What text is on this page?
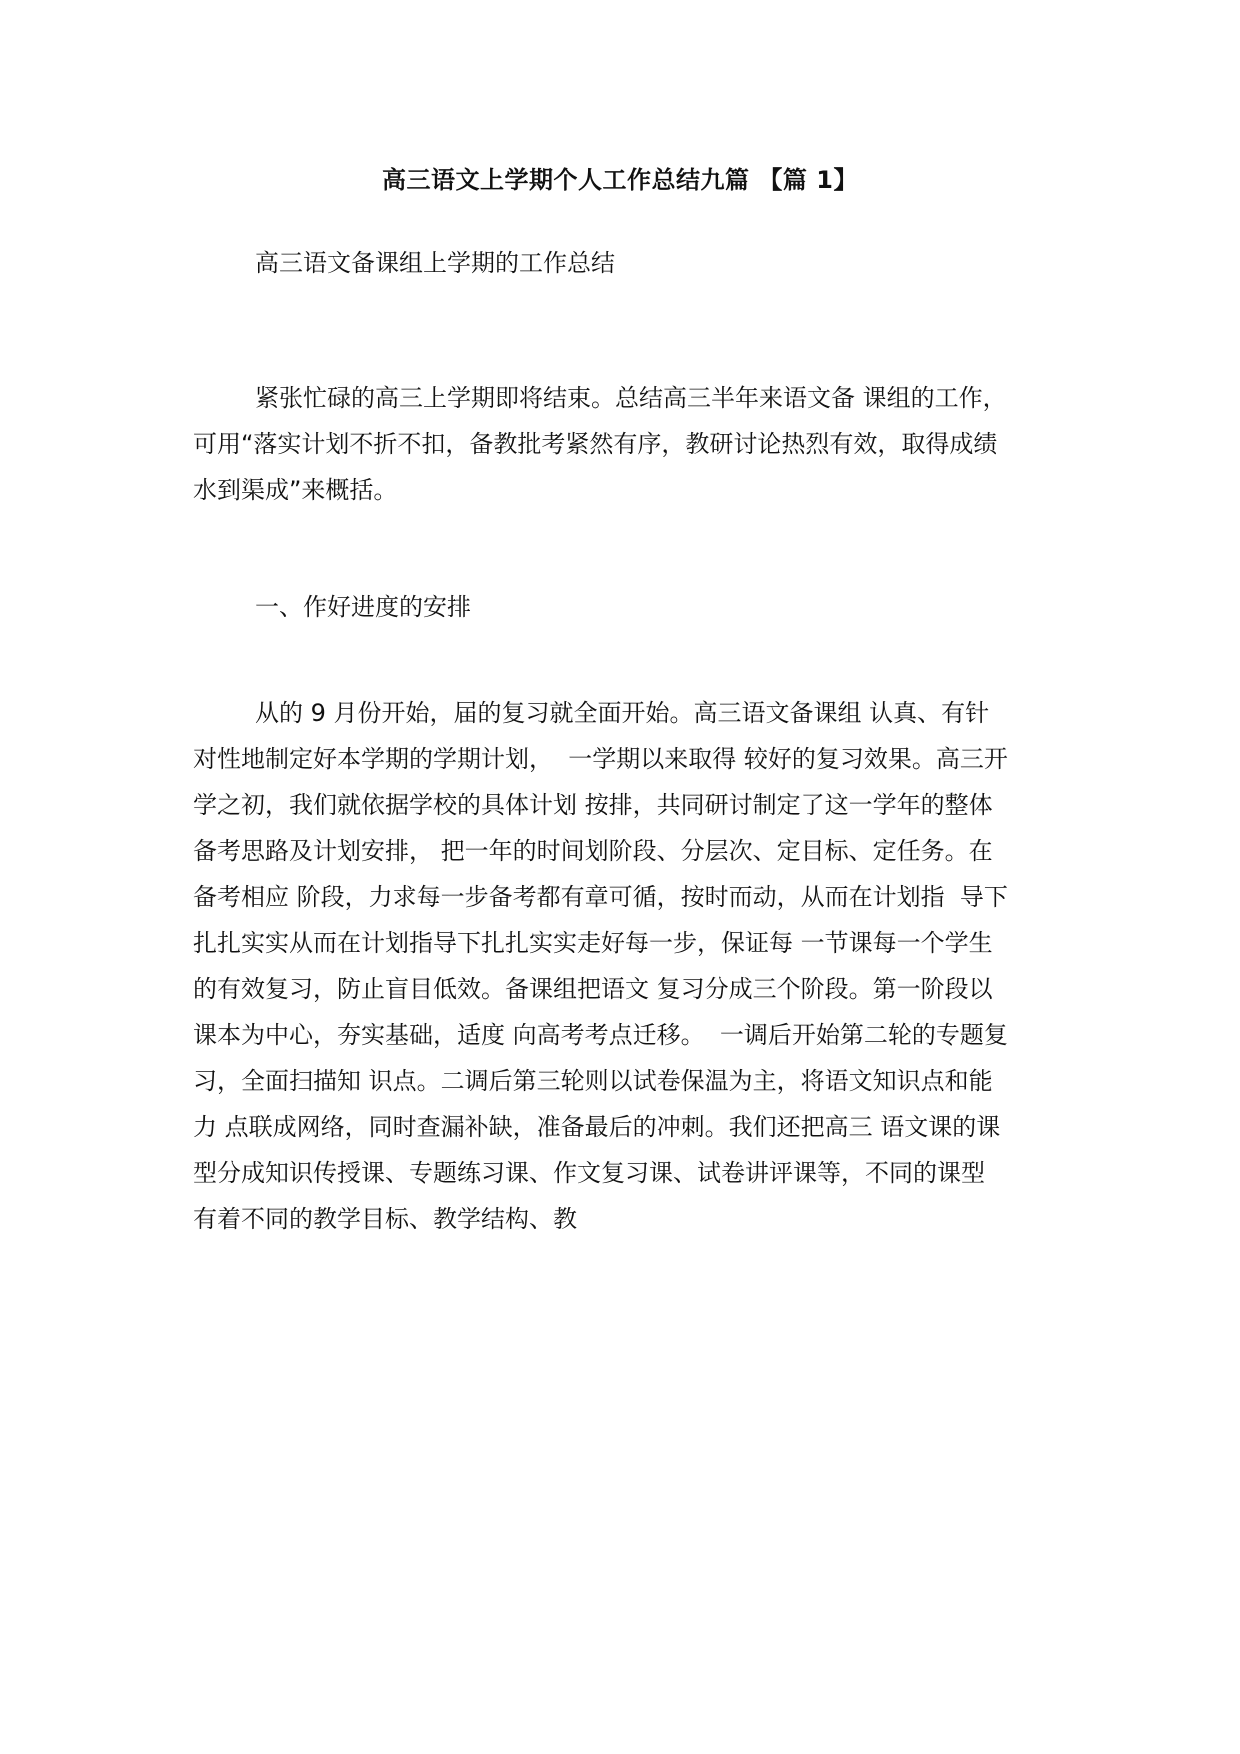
高三语文上学期个人工作总结九篇 【篇 1】
高三语文备课组上学期的工作总结
紧张忙碌的高三上学期即将结束。总结高三半年来语文备 课组的工作，
可用“落实计划不折不扣，备教批考紧然有序，教研讨论热烈有效，取得成绩
水到渠成”来概括。
一、作好进度的安排
从的 9 月份开始，届的复习就全面开始。高三语文备课组 认真、有针
对性地制定好本学期的学期计划，  一学期以来取得 较好的复习效果。高三开
学之初，我们就依据学校的具体计划 按排，共同研讨制定了这一学年的整体
备考思路及计划安排， 把一年的时间划阶段、分层次、定目标、定任务。在
备考相应 阶段，力求每一步备考都有章可循，按时而动，从而在计划指  导下
扎扎实实从而在计划指导下扎扎实实走好每一步，保证每 一节课每一个学生
的有效复习，防止盲目低效。备课组把语文 复习分成三个阶段。第一阶段以
课本为中心，夯实基础，适度 向高考考点迁移。  一调后开始第二轮的专题复
习，全面扫描知 识点。二调后第三轮则以试卷保温为主，将语文知识点和能
力 点联成网络，同时查漏补缺，准备最后的冲刺。我们还把高三 语文课的课
型分成知识传授课、专题练习课、作文复习课、试卷讲评课等，不同的课型
有着不同的教学目标、教学结构、教
